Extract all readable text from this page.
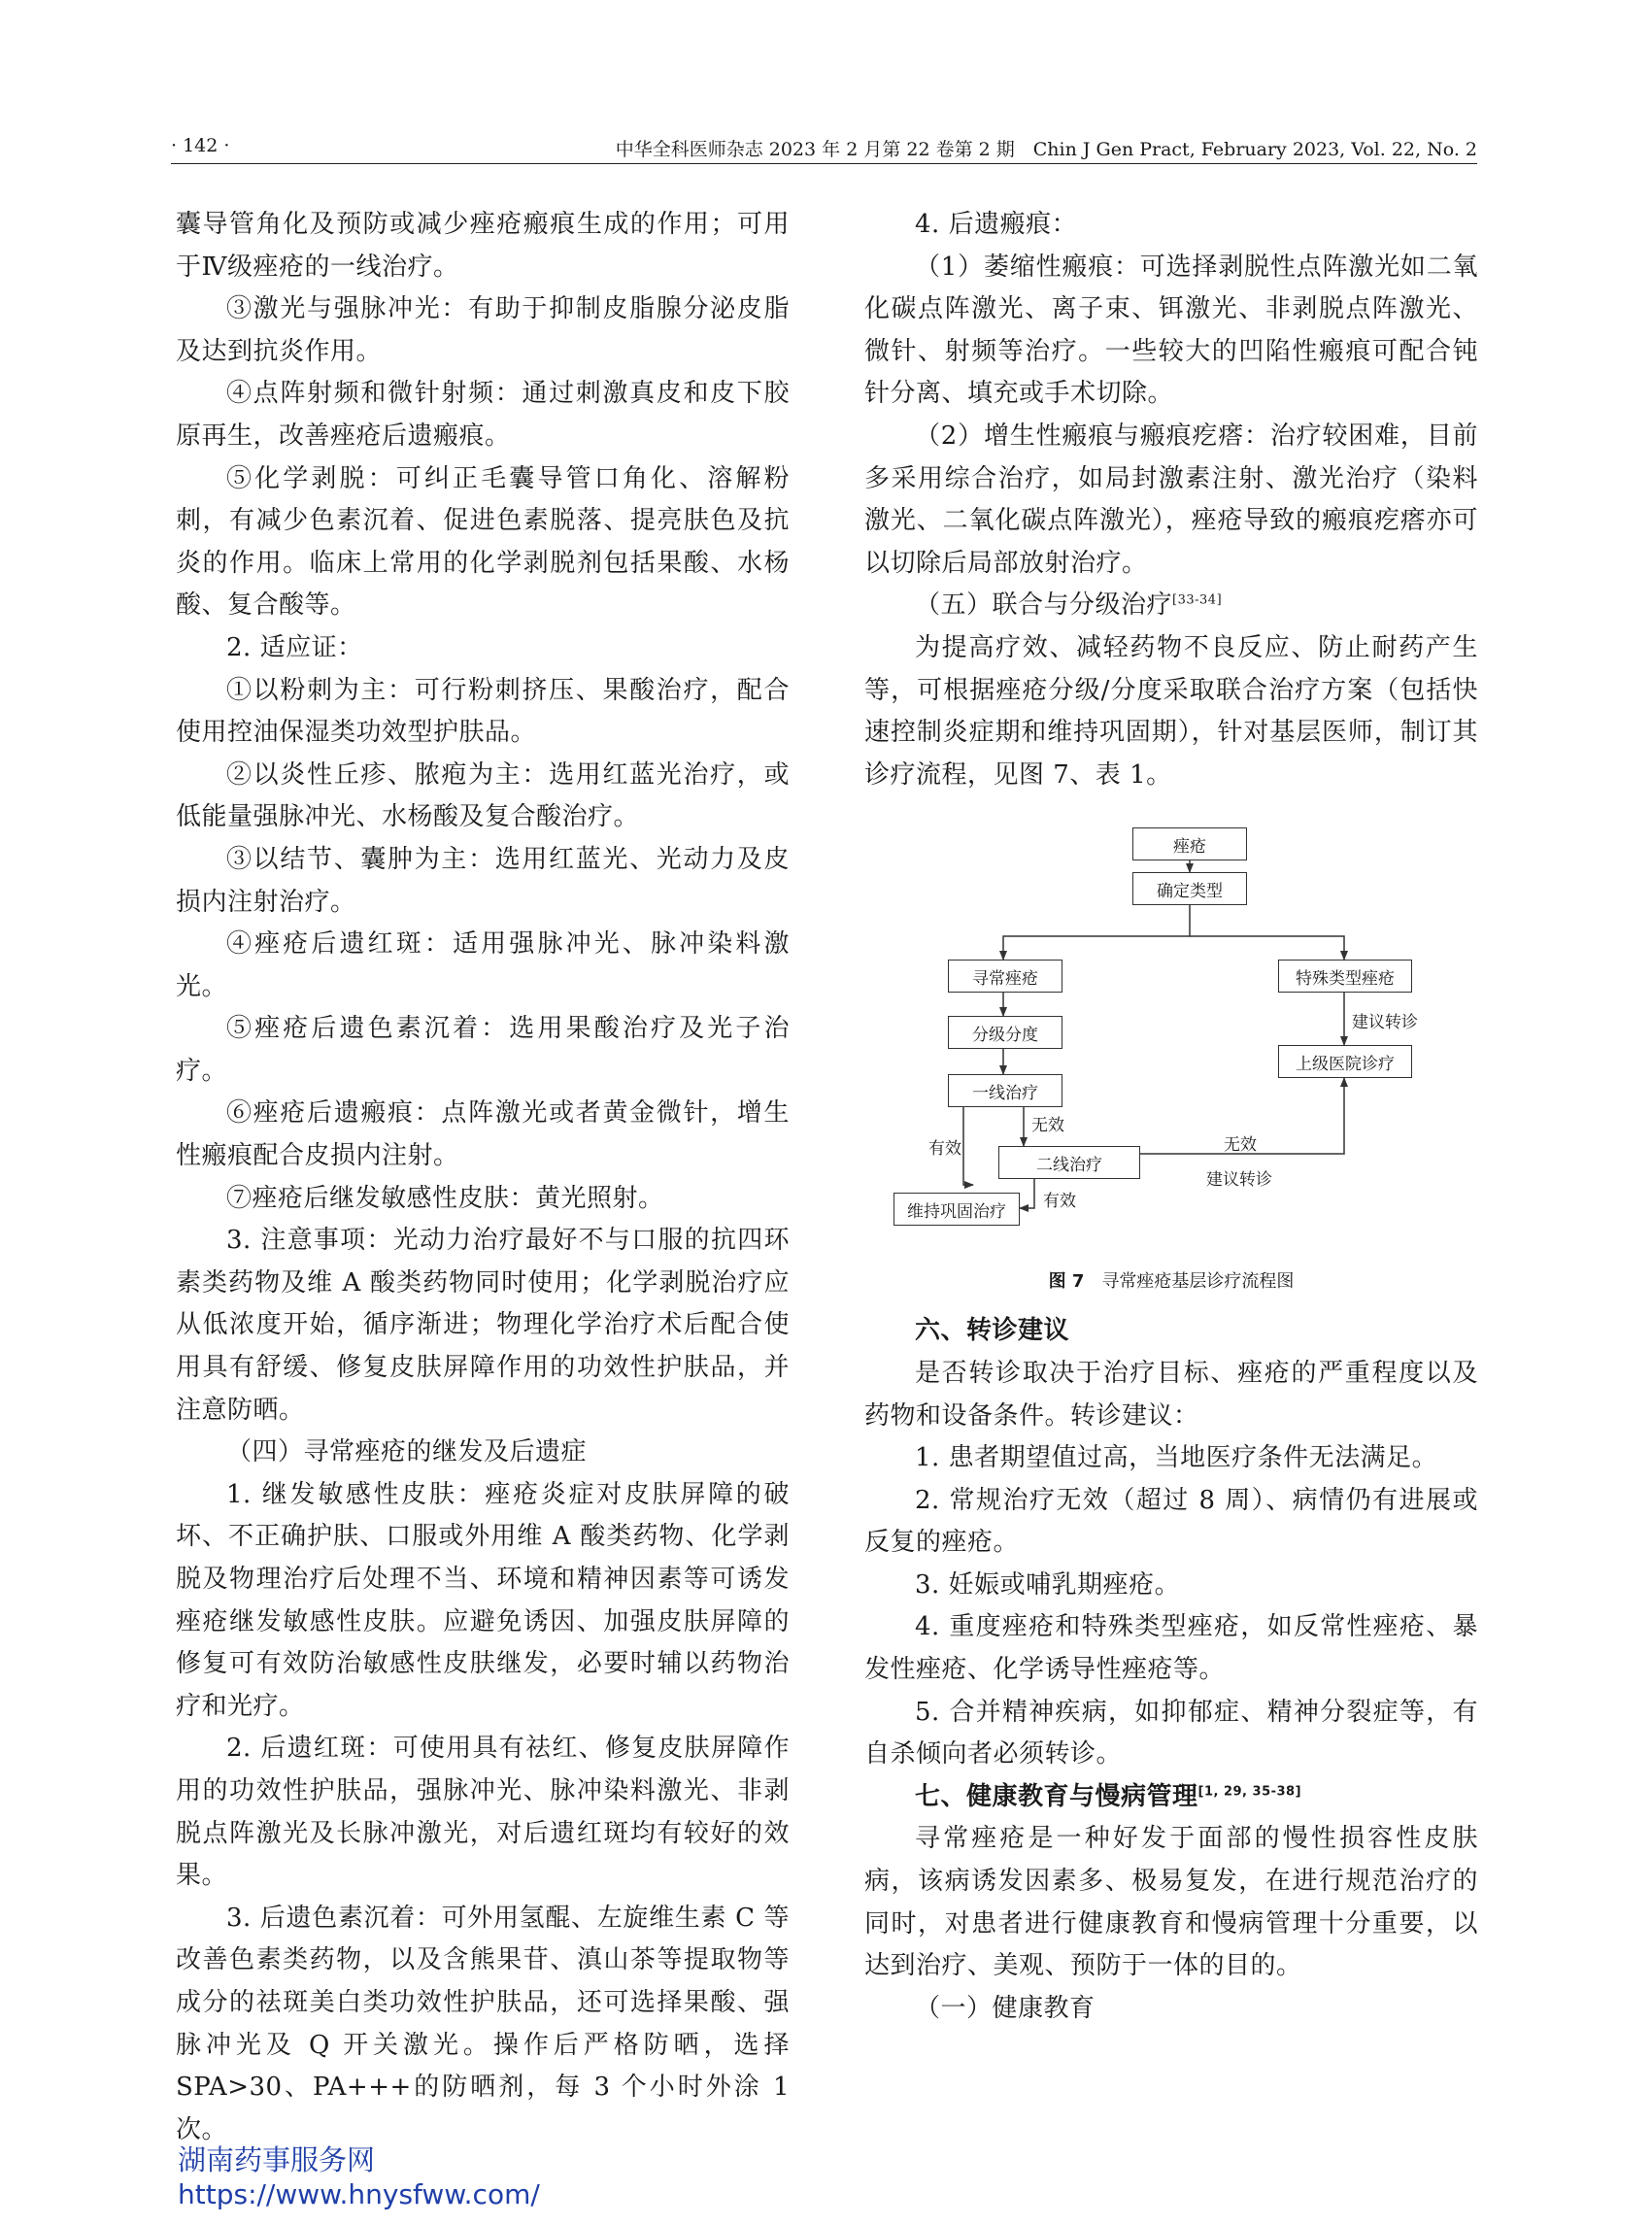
· 142 ·	中华全科医师杂志 2023 年 2 月第 22 卷第 2 期　Chin J Gen Pract, February 2023, Vol. 22, No. 2

囊导管角化及预防或减少痤疮瘢痕生成的作用；可用于Ⅳ级痤疮的一线治疗。

③激光与强脉冲光：有助于抑制皮脂腺分泌皮脂及达到抗炎作用。

④点阵射频和微针射频：通过刺激真皮和皮下胶原再生，改善痤疮后遗瘢痕。

⑤化学剥脱：可纠正毛囊导管口角化、溶解粉刺，有减少色素沉着、促进色素脱落、提亮肤色及抗炎的作用。临床上常用的化学剥脱剂包括果酸、水杨酸、复合酸等。

2. 适应证：

①以粉刺为主：可行粉刺挤压、果酸治疗，配合使用控油保湿类功效型护肤品。

②以炎性丘疹、脓疱为主：选用红蓝光治疗，或低能量强脉冲光、水杨酸及复合酸治疗。

③以结节、囊肿为主：选用红蓝光、光动力及皮损内注射治疗。

④痤疮后遗红斑：适用强脉冲光、脉冲染料激光。

⑤痤疮后遗色素沉着：选用果酸治疗及光子治疗。

⑥痤疮后遗瘢痕：点阵激光或者黄金微针，增生性瘢痕配合皮损内注射。

⑦痤疮后继发敏感性皮肤：黄光照射。

3. 注意事项：光动力治疗最好不与口服的抗四环素类药物及维 A 酸类药物同时使用；化学剥脱治疗应从低浓度开始，循序渐进；物理化学治疗术后配合使用具有舒缓、修复皮肤屏障作用的功效性护肤品，并注意防晒。

（四）寻常痤疮的继发及后遗症

1. 继发敏感性皮肤：痤疮炎症对皮肤屏障的破坏、不正确护肤、口服或外用维 A 酸类药物、化学剥脱及物理治疗后处理不当、环境和精神因素等可诱发痤疮继发敏感性皮肤。应避免诱因、加强皮肤屏障的修复可有效防治敏感性皮肤继发，必要时辅以药物治疗和光疗。

2. 后遗红斑：可使用具有祛红、修复皮肤屏障作用的功效性护肤品，强脉冲光、脉冲染料激光、非剥脱点阵激光及长脉冲激光，对后遗红斑均有较好的效果。

3. 后遗色素沉着：可外用氢醌、左旋维生素 C 等改善色素类药物，以及含熊果苷、滇山茶等提取物等成分的祛斑美白类功效性护肤品，还可选择果酸、强脉冲光及 Q 开关激光。操作后严格防晒，选择 SPA>30、PA+++的防晒剂，每 3 个小时外涂 1 次。

4. 后遗瘢痕：

（1）萎缩性瘢痕：可选择剥脱性点阵激光如二氧化碳点阵激光、离子束、铒激光、非剥脱点阵激光、微针、射频等治疗。一些较大的凹陷性瘢痕可配合钝针分离、填充或手术切除。

（2）增生性瘢痕与瘢痕疙瘩：治疗较困难，目前多采用综合治疗，如局封激素注射、激光治疗（染料激光、二氧化碳点阵激光），痤疮导致的瘢痕疙瘩亦可以切除后局部放射治疗。

（五）联合与分级治疗[33-34]

为提高疗效、减轻药物不良反应、防止耐药产生等，可根据痤疮分级/分度采取联合治疗方案（包括快速控制炎症期和维持巩固期），针对基层医师，制订其诊疗流程，见图 7、表 1。

痤疮
确定类型
寻常痤疮	特殊类型痤疮
分级分度
一线治疗
上级医院诊疗
二线治疗
维持巩固治疗
建议转诊
无效
有效	无效
建议转诊
有效
图 7 寻常痤疮基层诊疗流程图

六、转诊建议

是否转诊取决于治疗目标、痤疮的严重程度以及药物和设备条件。转诊建议：

1. 患者期望值过高，当地医疗条件无法满足。

2. 常规治疗无效（超过 8 周）、病情仍有进展或反复的痤疮。

3. 妊娠或哺乳期痤疮。

4. 重度痤疮和特殊类型痤疮，如反常性痤疮、暴发性痤疮、化学诱导性痤疮等。

5. 合并精神疾病，如抑郁症、精神分裂症等，有自杀倾向者必须转诊。

七、健康教育与慢病管理[1, 29, 35-38]

寻常痤疮是一种好发于面部的慢性损容性皮肤病，该病诱发因素多、极易复发，在进行规范治疗的同时，对患者进行健康教育和慢病管理十分重要，以达到治疗、美观、预防于一体的目的。

（一）健康教育

湖南药事服务网
https://www.hnysfww.com/
